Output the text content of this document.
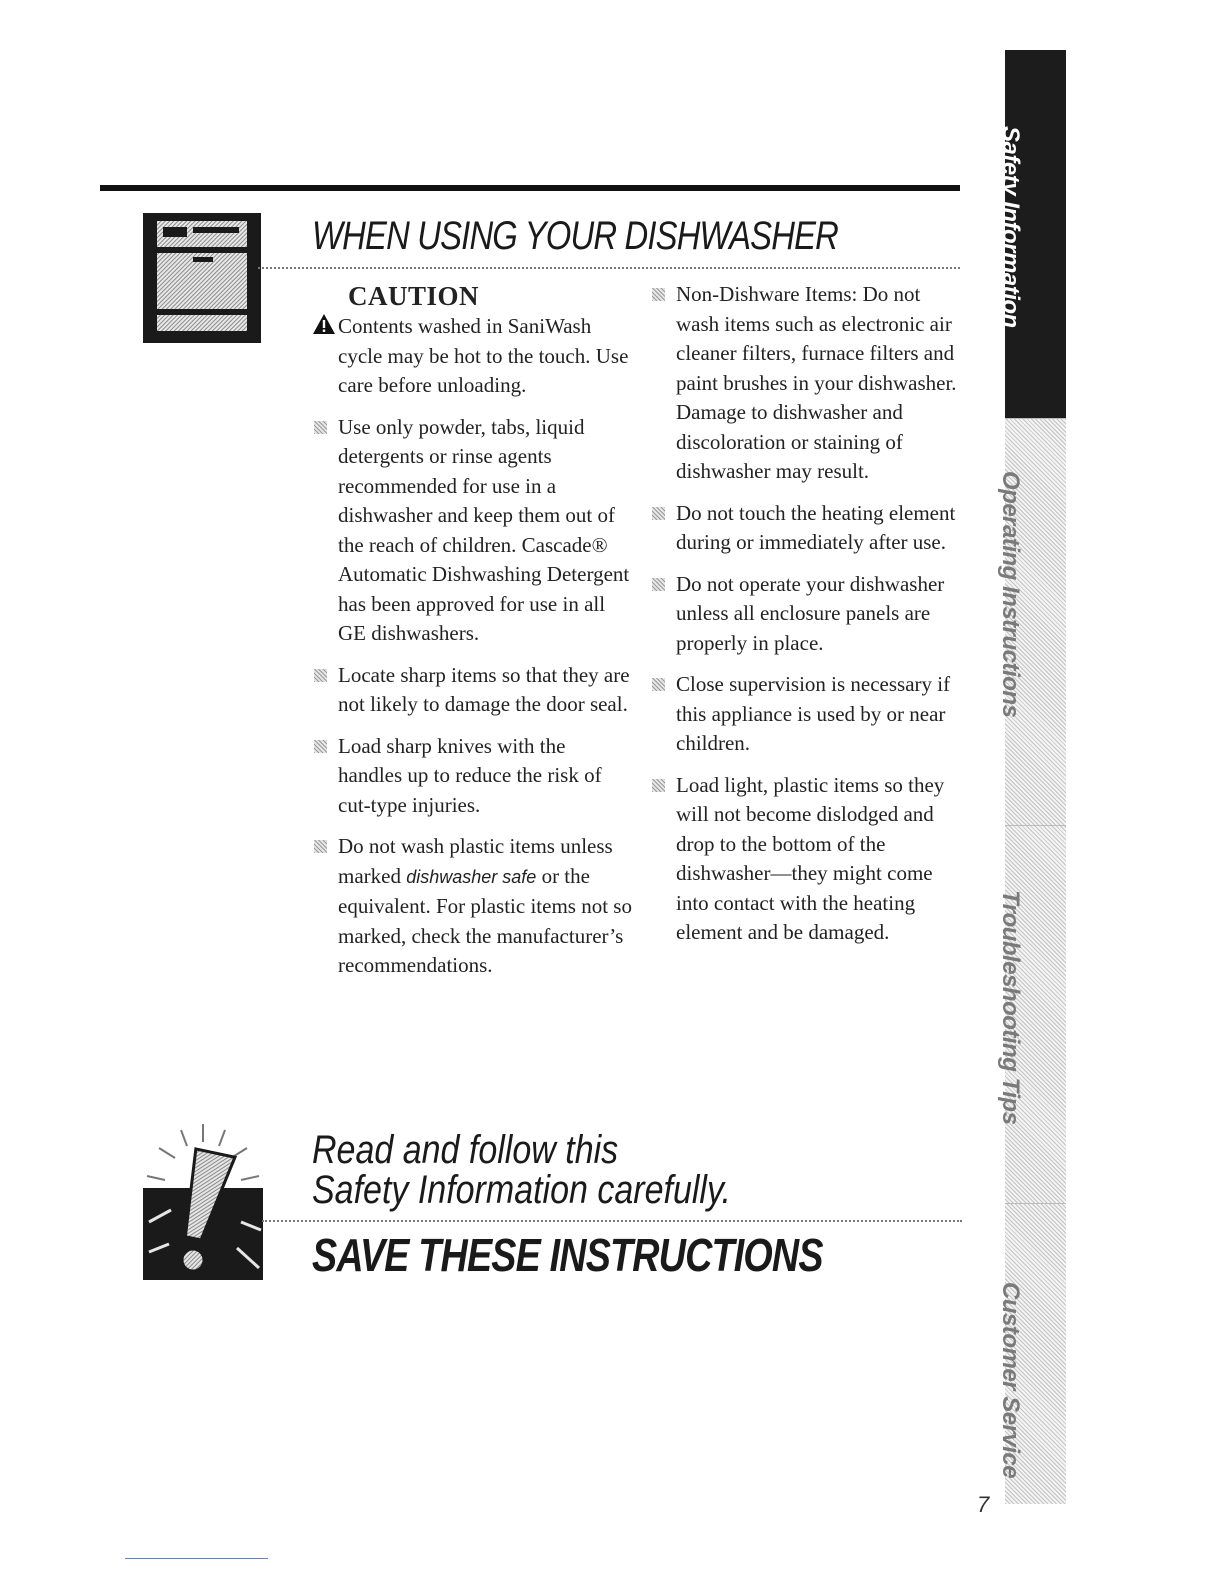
WHEN USING YOUR DISHWASHER

CAUTION

Contents washed in SaniWash cycle may be hot to the touch. Use care before unloading.
Use only powder, tabs, liquid detergents or rinse agents recommended for use in a dishwasher and keep them out of the reach of children. Cascade® Automatic Dishwashing Detergent has been approved for use in all GE dishwashers.
Locate sharp items so that they are not likely to damage the door seal.
Load sharp knives with the handles up to reduce the risk of cut-type injuries.
Do not wash plastic items unless marked dishwasher safe or the equivalent. For plastic items not so marked, check the manufacturer’s recommendations.
Non-Dishware Items: Do not wash items such as electronic air cleaner filters, furnace filters and paint brushes in your dishwasher. Damage to dishwasher and discoloration or staining of dishwasher may result.
Do not touch the heating element during or immediately after use.
Do not operate your dishwasher unless all enclosure panels are properly in place.
Close supervision is necessary if this appliance is used by or near children.
Load light, plastic items so they will not become dislodged and drop to the bottom of the dishwasher—they might come into contact with the heating element and be damaged.
Read and follow this
Safety Information carefully.
SAVE THESE INSTRUCTIONS
Safety Information
Operating Instructions
Troubleshooting Tips
Customer Service
7
